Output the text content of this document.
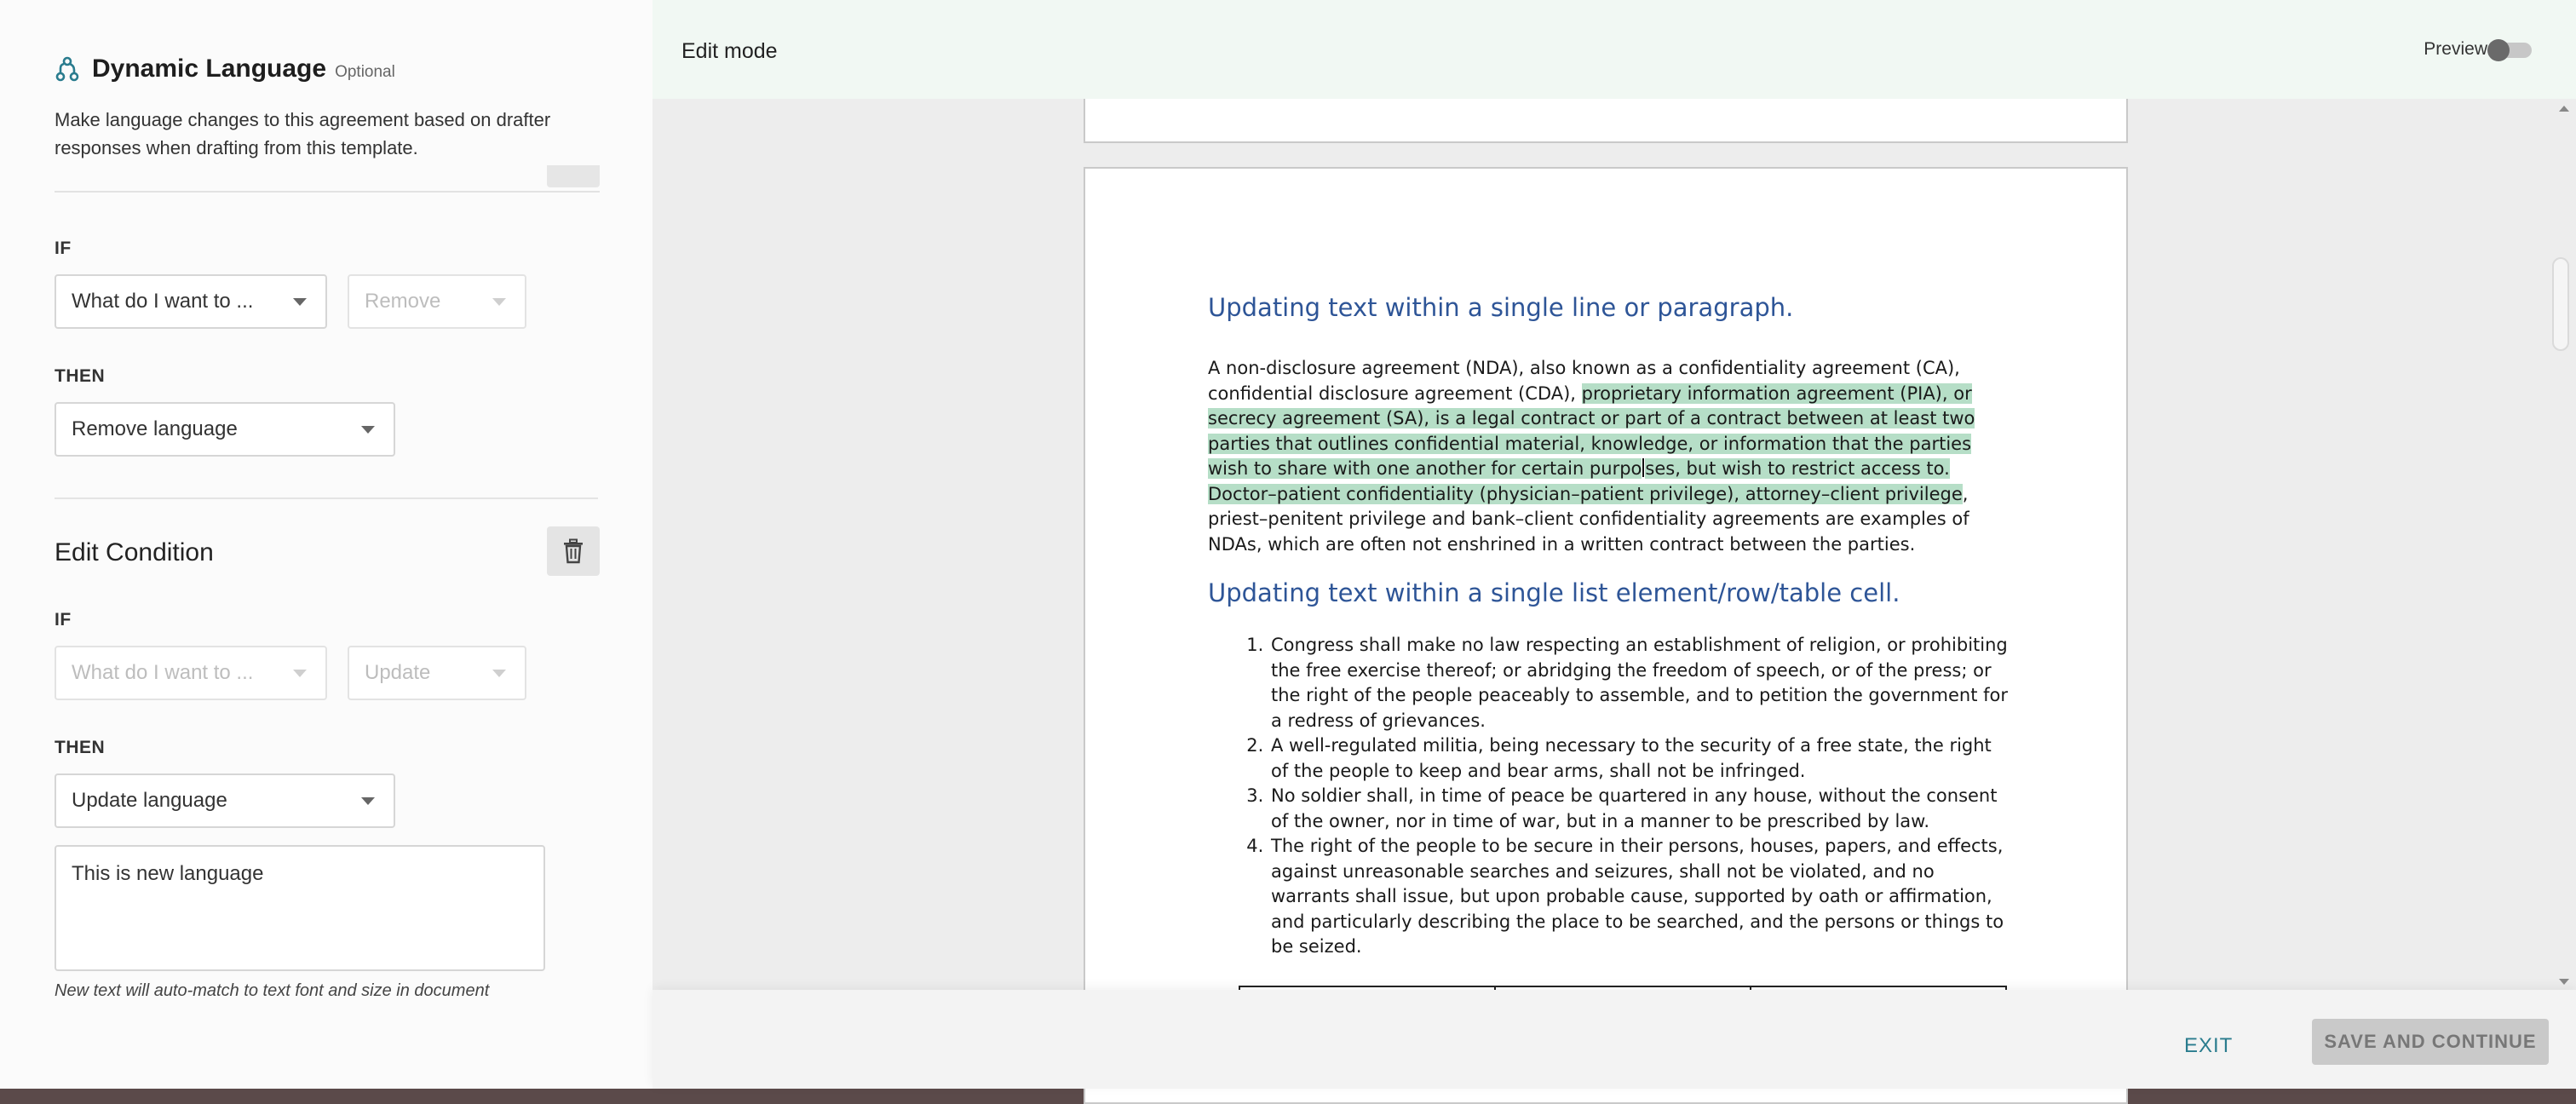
Dynamic Language Optional
Make language changes to this agreement based on drafter responses when drafting from this template.
IF
What do I want to ...	Remove
THEN
Remove language
Edit Condition
IF
What do I want to ...	Update
THEN
Update language
This is new language
New text will auto-match to text font and size in document
Edit mode	Preview
Updating text within a single line or paragraph.
A non-disclosure agreement (NDA), also known as a confidentiality agreement (CA), confidential disclosure agreement (CDA), proprietary information agreement (PIA), or secrecy agreement (SA), is a legal contract or part of a contract between at least two parties that outlines confidential material, knowledge, or information that the parties wish to share with one another for certain purpo ses, but wish to restrict access to. Doctor–patient confidentiality (physician–patient privilege), attorney–client privilege, priest–penitent privilege and bank–client confidentiality agreements are examples of NDAs, which are often not enshrined in a written contract between the parties.
Updating text within a single list element/row/table cell.
1. Congress shall make no law respecting an establishment of religion, or prohibiting the free exercise thereof; or abridging the freedom of speech, or of the press; or the right of the people peaceably to assemble, and to petition the government for a redress of grievances.
2. A well-regulated militia, being necessary to the security of a free state, the right of the people to keep and bear arms, shall not be infringed.
3. No soldier shall, in time of peace be quartered in any house, without the consent of the owner, nor in time of war, but in a manner to be prescribed by law.
4. The right of the people to be secure in their persons, houses, papers, and effects, against unreasonable searches and seizures, shall not be violated, and no warrants shall issue, but upon probable cause, supported by oath or affirmation, and particularly describing the place to be searched, and the persons or things to be seized.

EXIT	SAVE AND CONTINUE
